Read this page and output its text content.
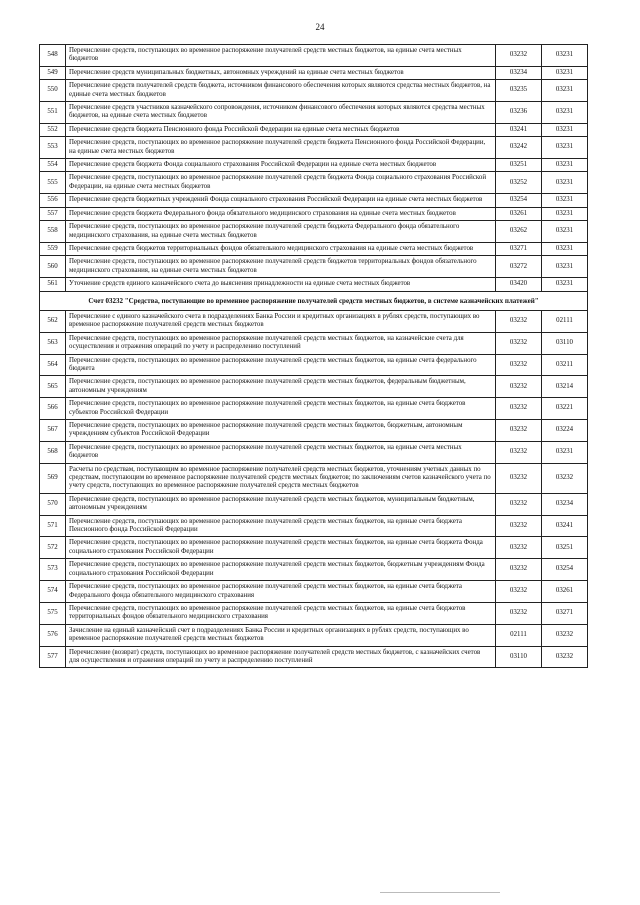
24
548	Перечисление средств, поступающих во временное распоряжение получателей средств местных бюджетов, на единые счета местных бюджетов	03232	03231
549	Перечисление средств муниципальных бюджетных, автономных учреждений на единые счета местных бюджетов	03234	03231
550	Перечисление средств получателей средств бюджета, источником финансового обеспечения которых являются средства местных бюджетов, на единые счета местных бюджетов	03235	03231
551	Перечисление средств участников казначейского сопровождения, источником финансового обеспечения которых являются средства местных бюджетов, на единые счета местных бюджетов	03236	03231
552	Перечисление средств бюджета Пенсионного фонда Российской Федерации на единые счета местных бюджетов	03241	03231
553	Перечисление средств, поступающих во временное распоряжение получателей средств бюджета Пенсионного фонда Российской Федерации, на единые счета местных бюджетов	03242	03231
554	Перечисление средств бюджета Фонда социального страхования Российской Федерации на единые счета местных бюджетов	03251	03231
555	Перечисление средств, поступающих во временное распоряжение получателей средств бюджета Фонда социального страхования Российской Федерации, на единые счета местных бюджетов	03252	03231
556	Перечисление средств бюджетных учреждений Фонда социального страхования Российской Федерации на единые счета местных бюджетов	03254	03231
557	Перечисление средств бюджета Федерального фонда обязательного медицинского страхования на единые счета местных бюджетов	03261	03231
558	Перечисление средств, поступающих во временное распоряжение получателей средств бюджета Федерального фонда обязательного медицинского страхования, на единые счета местных бюджетов	03262	03231
559	Перечисление средств бюджетов территориальных фондов обязательного медицинского страхования на единые счета местных бюджетов	03271	03231
560	Перечисление средств, поступающих во временное распоряжение получателей средств бюджетов территориальных фондов обязательного медицинского страхования, на единые счета местных бюджетов	03272	03231
561	Уточнение средств единого казначейского счета до выяснения принадлежности на единые счета местных бюджетов	03420	03231
Счет 03232 "Средства, поступающие во временное распоряжение получателей средств местных бюджетов, в системе казначейских платежей"			
562	Перечисление с единого казначейского счета в подразделениях Банка России и кредитных организациях в рублях средств, поступающих во временное распоряжение получателей средств местных бюджетов	03232	02111
563	Перечисление средств, поступающих во временное распоряжение получателей средств местных бюджетов, на казначейские счета для осуществления и отражения операций по учету и распределению поступлений	03232	03110
564	Перечисление средств, поступающих во временное распоряжение получателей средств местных бюджетов, на единые счета федерального бюджета	03232	03211
565	Перечисление средств, поступающих во временное распоряжение получателей средств местных бюджетов, федеральным бюджетным, автономным учреждениям	03232	03214
566	Перечисление средств, поступающих во временное распоряжение получателей средств местных бюджетов, на единые счета бюджетов субъектов Российской Федерации	03232	03221
567	Перечисление средств, поступающих во временное распоряжение получателей средств местных бюджетов, бюджетным, автономным учреждениям субъектов Российской Федерации	03232	03224
568	Перечисление средств, поступающих во временное распоряжение получателей средств местных бюджетов, на единые счета местных бюджетов	03232	03231
569	Расчеты по средствам, поступающим во временное распоряжение получателей средств местных бюджетов, уточнениям учетных данных по средствам, поступающим во временное распоряжение получателей средств местных бюджетов; по заключениям счетов казначейского учета по учету средств, поступающих во временное распоряжение получателей средств местных бюджетов	03232	03232
570	Перечисление средств, поступающих во временное распоряжение получателей средств местных бюджетов, муниципальным бюджетным, автономным учреждениям	03232	03234
571	Перечисление средств, поступающих во временное распоряжение получателей средств местных бюджетов, на единые счета бюджета Пенсионного фонда Российской Федерации	03232	03241
572	Перечисление средств, поступающих во временное распоряжение получателей средств местных бюджетов, на единые счета бюджета Фонда социального страхования Российской Федерации	03232	03251
573	Перечисление средств, поступающих во временное распоряжение получателей средств местных бюджетов, бюджетным учреждениям Фонда социального страхования Российской Федерации	03232	03254
574	Перечисление средств, поступающих во временное распоряжение получателей средств местных бюджетов, на единые счета бюджета Федерального фонда обязательного медицинского страхования	03232	03261
575	Перечисление средств, поступающих во временное распоряжение получателей средств местных бюджетов, на единые счета бюджетов территориальных фондов обязательного медицинского страхования	03232	03271
576	Зачисление на единый казначейский счет в подразделениях Банка России и кредитных организациях в рублях средств, поступающих во временное распоряжение получателей средств местных бюджетов	02111	03232
577	Перечисление (возврат) средств, поступающих во временное распоряжение получателей средств местных бюджетов, с казначейских счетов для осуществления и отражения операций по учету и распределению поступлений	03110	03232
